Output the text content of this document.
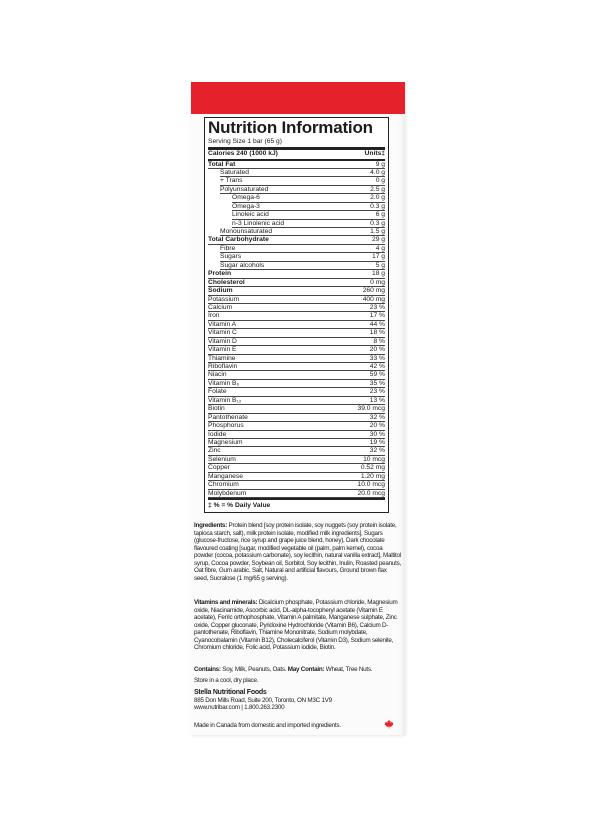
Nutrition Information
Serving Size 1 bar (65 g)
Calories 240 (1000 kJ)	Units‡
Total Fat	9 g
Saturated	4.0 g
+ Trans	0 g
Polyunsaturated	2.5 g
Omega-6	2.0 g
Omega-3	0.3 g
Linoleic acid	6 g
n-3 Linolenic acid	0.3 g
Monounsaturated	1.5 g
Total Carbohydrate	29 g
Fibre	4 g
Sugars	17 g
Sugar alcohols	5 g
Protein	18 g
Cholesterol	0 mg
Sodium	260 mg
Potassium	400 mg
Calcium	23 %
Iron	17 %
Vitamin A	44 %
Vitamin C	18 %
Vitamin D	8 %
Vitamin E	20 %
Thiamine	33 %
Riboflavin	42 %
Niacin	59 %
Vitamin B₆	35 %
Folate	23 %
Vitamin B₁₂	13 %
Biotin	39.0 mcg
Pantothenate	32 %
Phosphorus	20 %
Iodide	30 %
Magnesium	19 %
Zinc	32 %
Selenium	10 mcg
Copper	0.52 mg
Manganese	1.20 mg
Chromium	10.0 mcg
Molybdenum	20.0 mcg
‡ % = % Daily Value
Ingredients: Protein blend [soy protein isolate, soy nuggets (soy protein isolate, tapioca starch, salt), milk protein isolate, modified milk ingredients], Sugars (glucose-fructose, rice syrup and grape juice blend, honey), Dark chocolate flavoured coating [sugar, modified vegetable oil (palm, palm kernel), cocoa powder (cocoa, potassium carbonate), soy lecithin, natural vanilla extract], Maltitol syrup, Cocoa powder, Soybean oil, Sorbitol, Soy lecithin, Inulin, Roasted peanuts, Oat fibre, Gum arabic, Salt, Natural and artificial flavours, Ground brown flax seed, Sucralose (1 mg/65 g serving).
Vitamins and minerals: Dicalcium phosphate, Potassium chloride, Magnesium oxide, Niacinamide, Ascorbic acid, DL-alpha-tocopheryl acetate (Vitamin E acetate), Ferric orthophosphate, Vitamin A palmitate, Manganese sulphate, Zinc oxide, Copper gluconate, Pyridoxine Hydrochloride (Vitamin B6), Calcium D-pantothenate, Riboflavin, Thiamine Mononitrate, Sodium molybdate, Cyanocobalamin (Vitamin B12), Cholecalciferol (Vitamin D3), Sodium selenite, Chromium chloride, Folic acid, Potassium iodide, Biotin.
Contains: Soy, Milk, Peanuts, Oats. May Contain: Wheat, Tree Nuts.
Store in a cool, dry place.
Stella Nutritional Foods
885 Don Mills Road, Suite 200, Toronto, ON M3C 1V9
www.nutribar.com | 1.800.263.2300
Made in Canada from domestic and imported ingredients.
